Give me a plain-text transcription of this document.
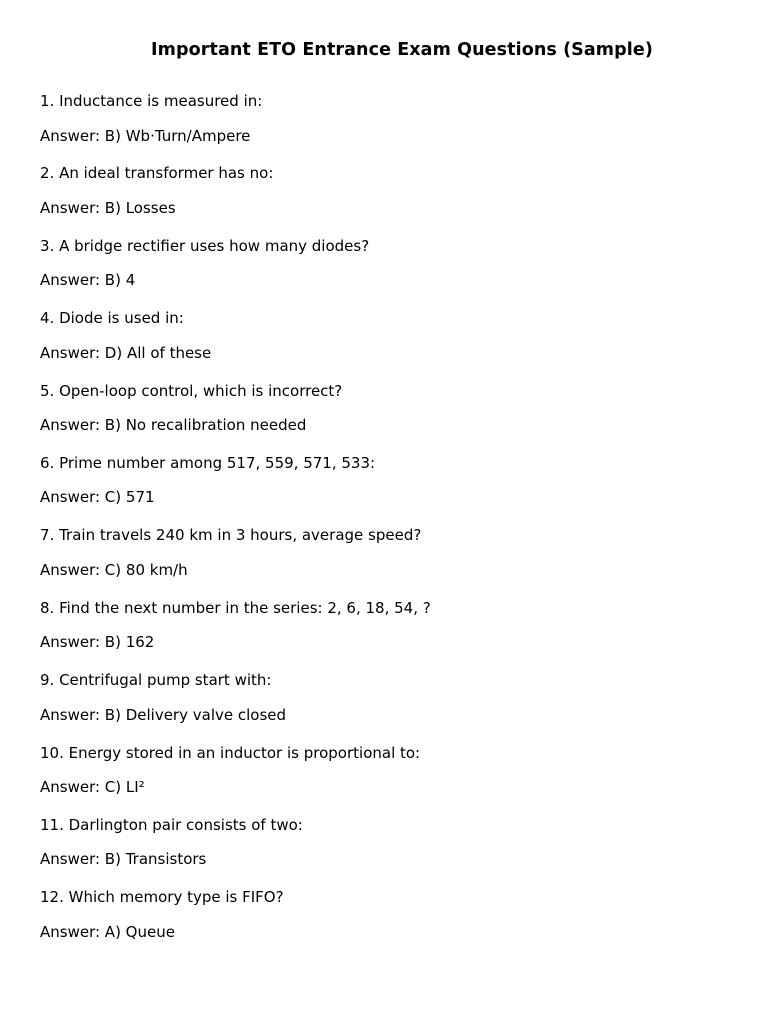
Important ETO Entrance Exam Questions (Sample)
1. Inductance is measured in:
Answer: B) Wb·Turn/Ampere
2. An ideal transformer has no:
Answer: B) Losses
3. A bridge rectifier uses how many diodes?
Answer: B) 4
4. Diode is used in:
Answer: D) All of these
5. Open-loop control, which is incorrect?
Answer: B) No recalibration needed
6. Prime number among 517, 559, 571, 533:
Answer: C) 571
7. Train travels 240 km in 3 hours, average speed?
Answer: C) 80 km/h
8. Find the next number in the series: 2, 6, 18, 54, ?
Answer: B) 162
9. Centrifugal pump start with:
Answer: B) Delivery valve closed
10. Energy stored in an inductor is proportional to:
Answer: C) LI²
11. Darlington pair consists of two:
Answer: B) Transistors
12. Which memory type is FIFO?
Answer: A) Queue
